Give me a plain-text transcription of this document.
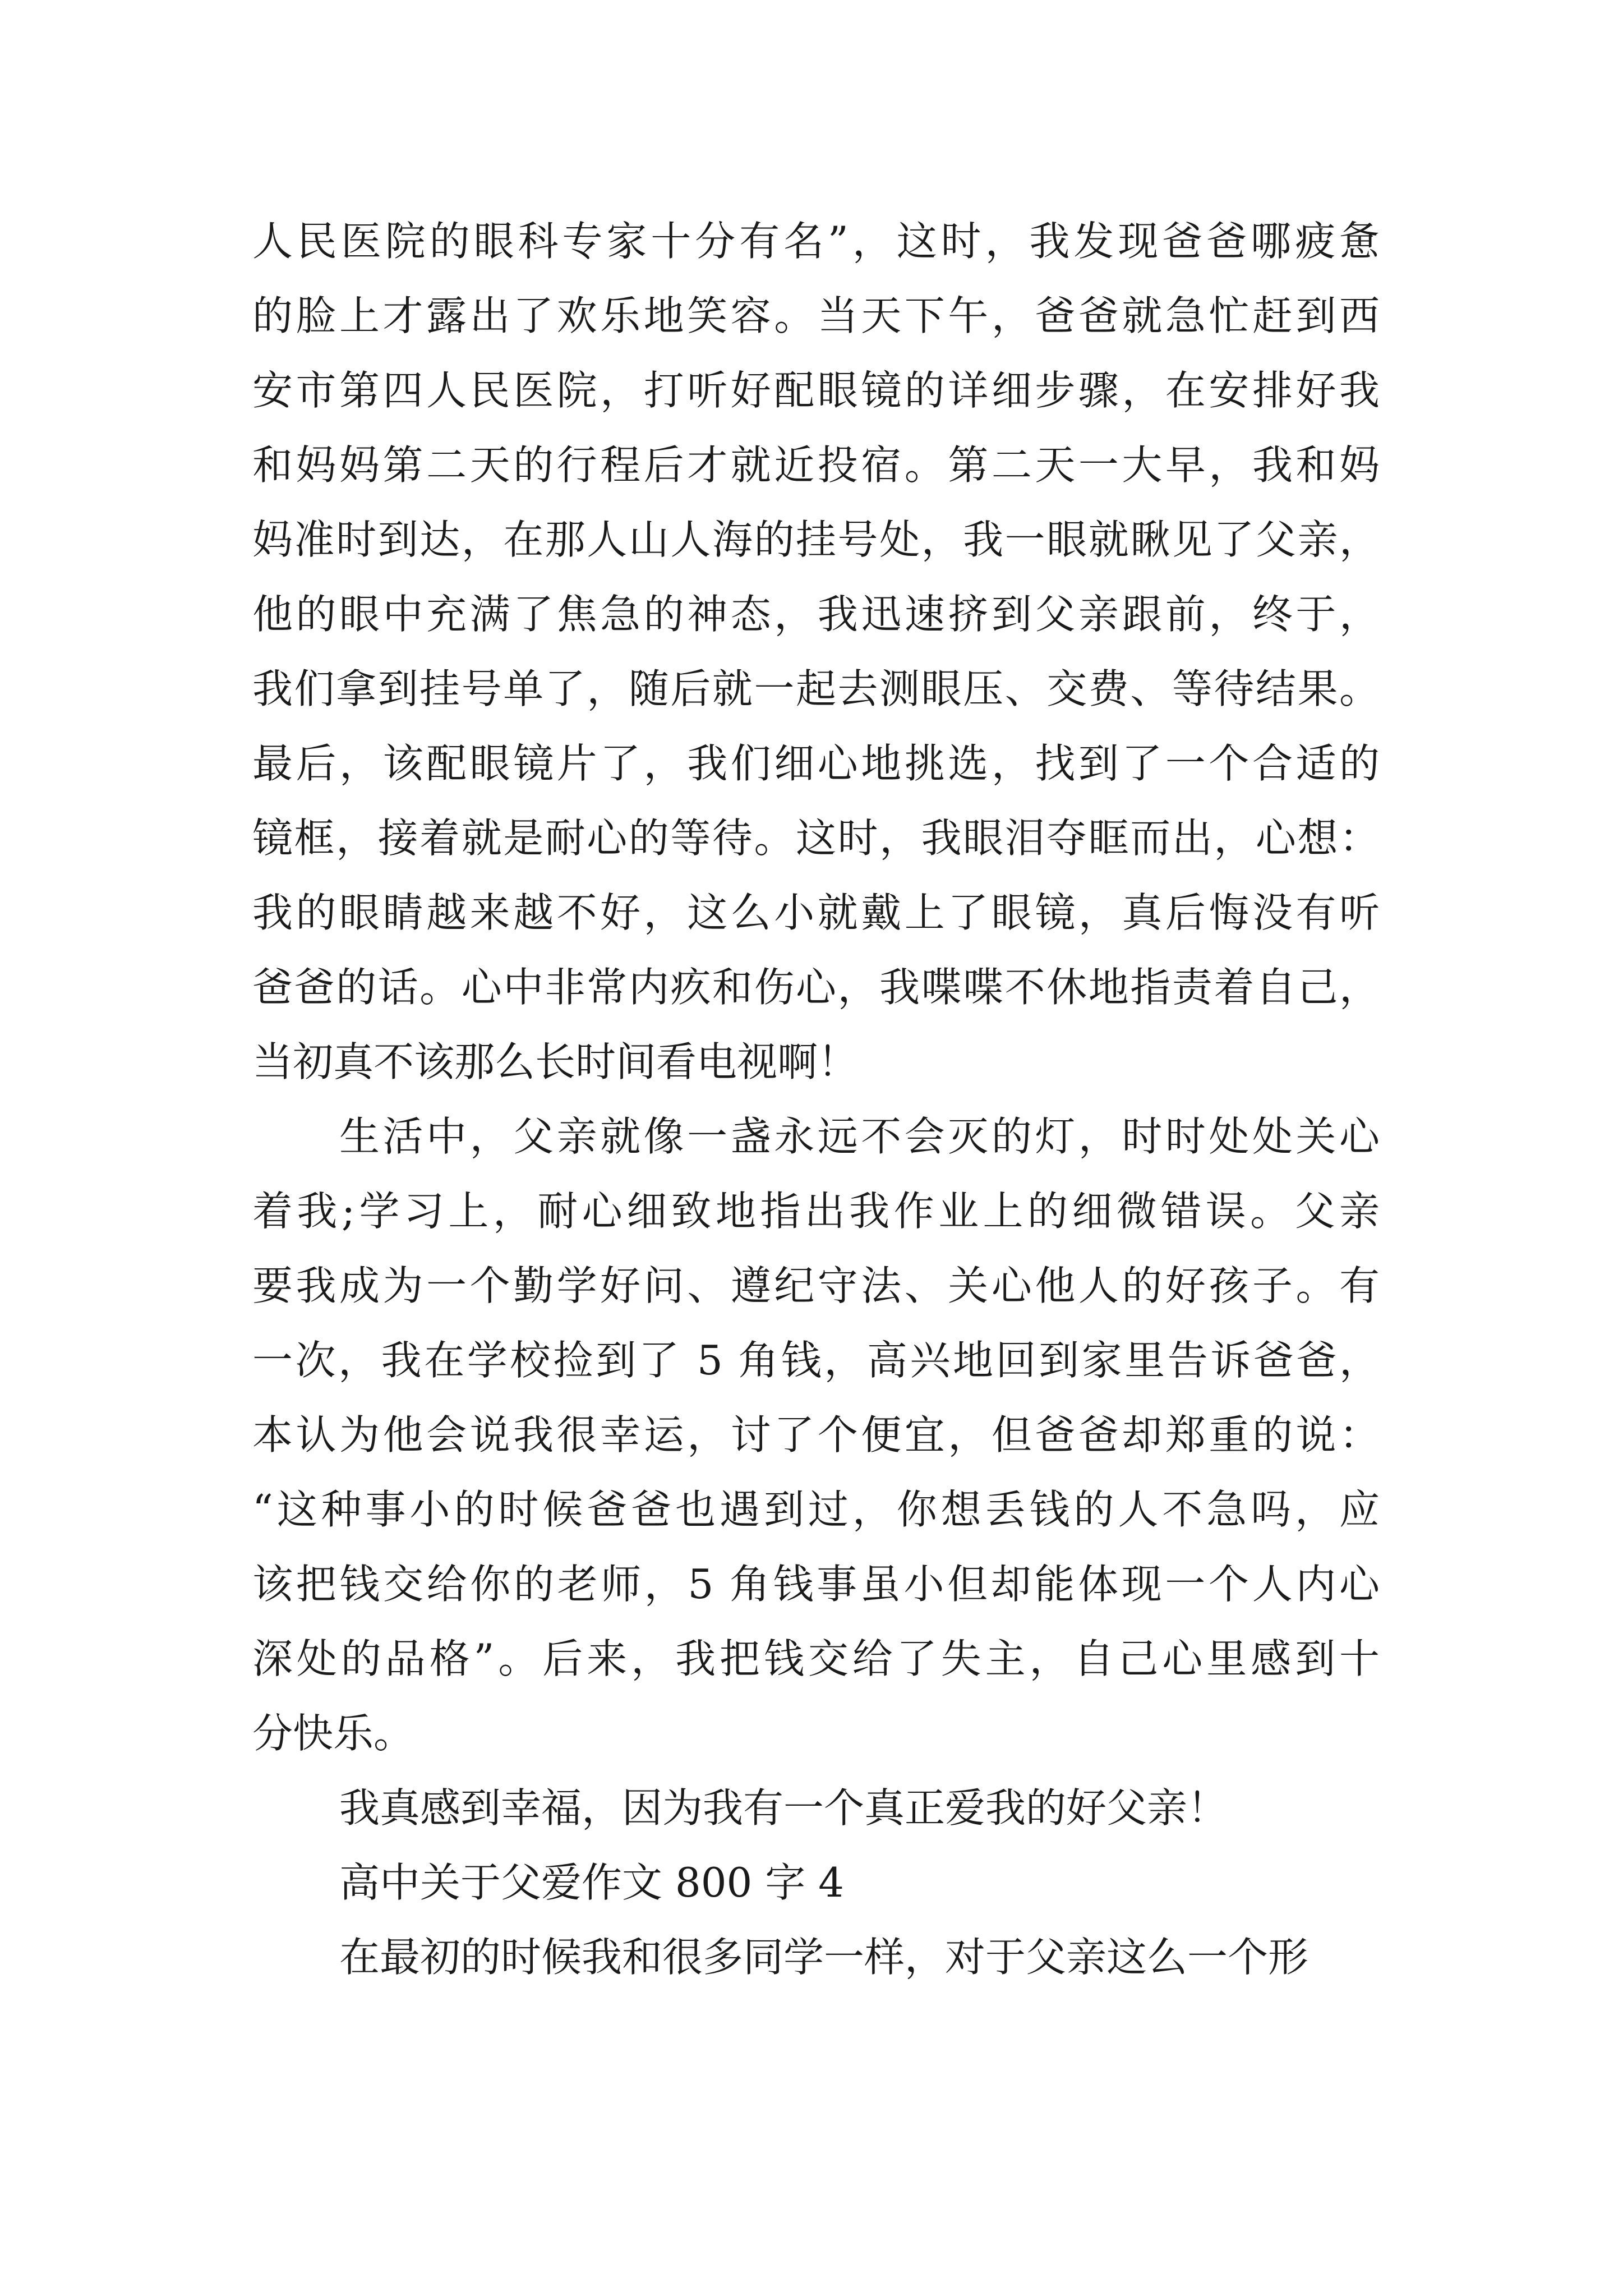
人民医院的眼科专家十分有名”，这时，我发现爸爸哪疲惫
的脸上才露出了欢乐地笑容。当天下午，爸爸就急忙赶到西
安市第四人民医院，打听好配眼镜的详细步骤，在安排好我
和妈妈第二天的行程后才就近投宿。第二天一大早，我和妈
妈准时到达，在那人山人海的挂号处，我一眼就瞅见了父亲，
他的眼中充满了焦急的神态，我迅速挤到父亲跟前，终于，
我们拿到挂号单了，随后就一起去测眼压、交费、等待结果。
最后，该配眼镜片了，我们细心地挑选，找到了一个合适的
镜框，接着就是耐心的等待。这时，我眼泪夺眶而出，心想：
我的眼睛越来越不好，这么小就戴上了眼镜，真后悔没有听
爸爸的话。心中非常内疚和伤心，我喋喋不休地指责着自己，
当初真不该那么长时间看电视啊！
生活中，父亲就像一盏永远不会灭的灯，时时处处关心
着我;学习上，耐心细致地指出我作业上的细微错误。父亲
要我成为一个勤学好问、遵纪守法、关心他人的好孩子。有
一次，我在学校捡到了 5 角钱，高兴地回到家里告诉爸爸，
本认为他会说我很幸运，讨了个便宜，但爸爸却郑重的说：
“这种事小的时候爸爸也遇到过，你想丢钱的人不急吗，应
该把钱交给你的老师，5 角钱事虽小但却能体现一个人内心
深处的品格”。后来，我把钱交给了失主，自己心里感到十
分快乐。
我真感到幸福，因为我有一个真正爱我的好父亲！
高中关于父爱作文 800 字 4
在最初的时候我和很多同学一样，对于父亲这么一个形
